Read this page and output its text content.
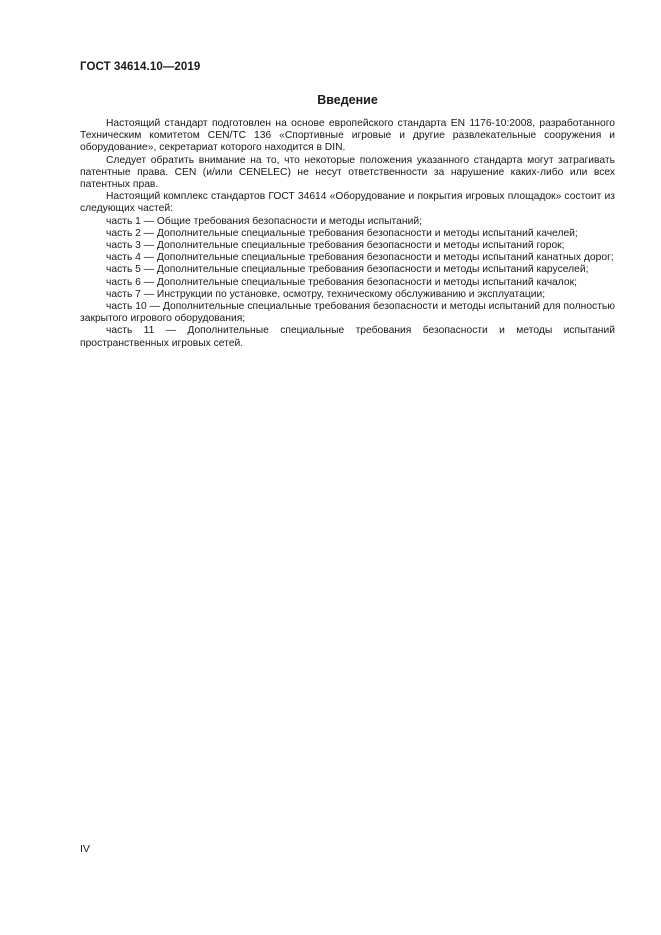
ГОСТ 34614.10—2019
Введение

Настоящий стандарт подготовлен на основе европейского стандарта EN 1176-10:2008, разработанного Техническим комитетом CEN/TC 136 «Спортивные игровые и другие развлекательные сооружения и оборудование», секретариат которого находится в DIN.

Следует обратить внимание на то, что некоторые положения указанного стандарта могут затрагивать патентные права. CEN (и/или CENELEC) не несут ответственности за нарушение каких-либо или всех патентных прав.

Настоящий комплекс стандартов ГОСТ 34614 «Оборудование и покрытия игровых площадок» состоит из следующих частей:

часть 1 — Общие требования безопасности и методы испытаний;

часть 2 — Дополнительные специальные требования безопасности и методы испытаний качелей;

часть 3 — Дополнительные специальные требования безопасности и методы испытаний горок;

часть 4 — Дополнительные специальные требования безопасности и методы испытаний канатных дорог;

часть 5 — Дополнительные специальные требования безопасности и методы испытаний каруселей;

часть 6 — Дополнительные специальные требования безопасности и методы испытаний качалок;

часть 7 — Инструкции по установке, осмотру, техническому обслуживанию и эксплуатации;

часть 10 — Дополнительные специальные требования безопасности и методы испытаний для полностью закрытого игрового оборудования;

часть 11 — Дополнительные специальные требования безопасности и методы испытаний пространственных игровых сетей.

IV
